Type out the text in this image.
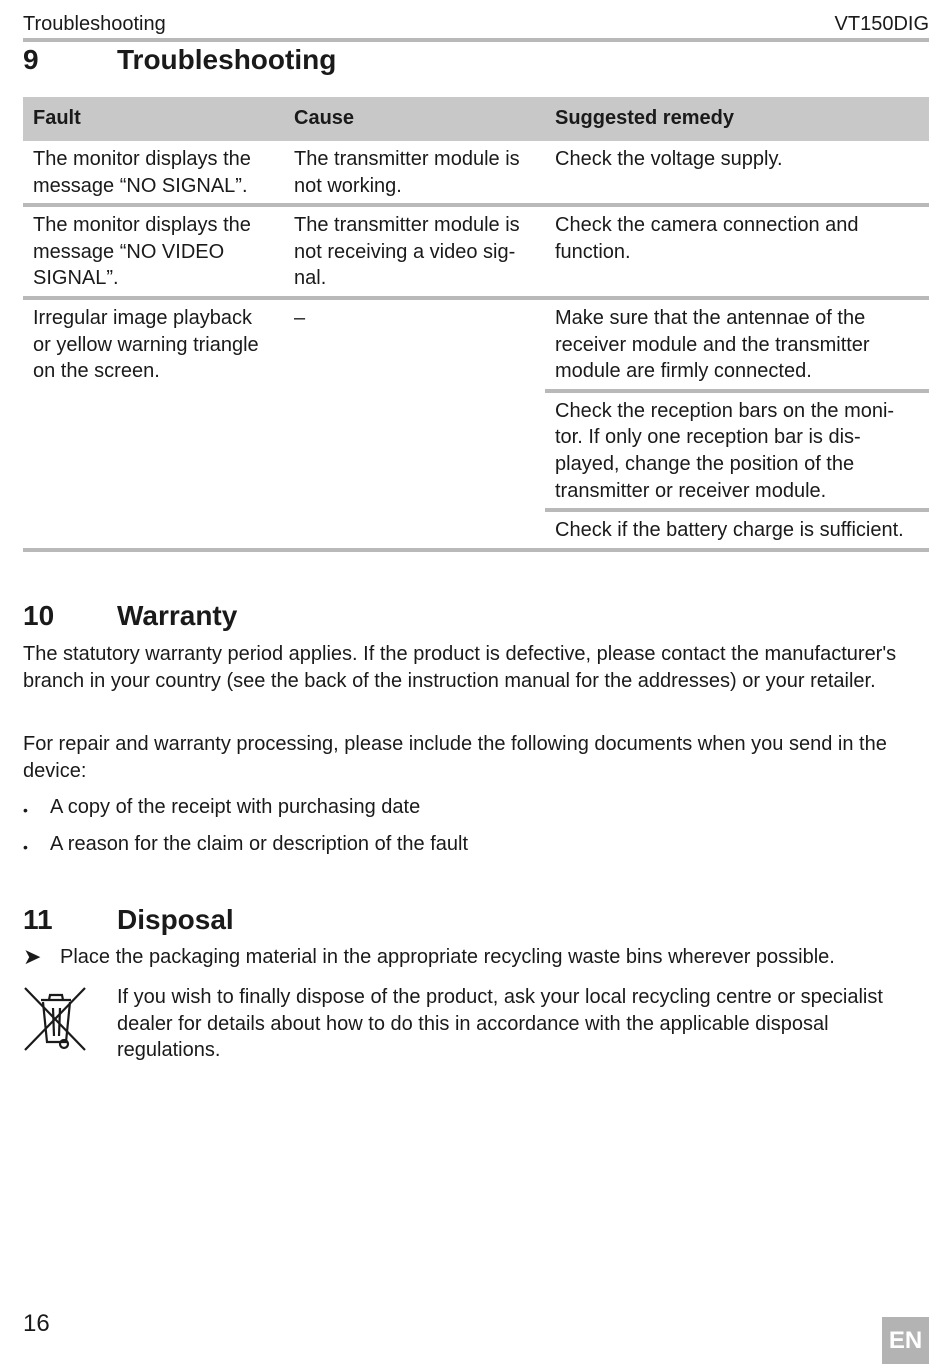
Troubleshooting	VT150DIG
9	Troubleshooting
Fault	Cause	Suggested remedy
The monitor displays the message “NO SIGNAL”.	The transmitter module is not working.	Check the voltage supply.
The monitor displays the message “NO VIDEO SIGNAL”.	The transmitter module is not receiving a video sig-nal.	Check the camera connection and function.
Irregular image playback or yellow warning triangle on the screen.	–	Make sure that the antennae of the receiver module and the transmitter module are firmly connected.
		Check the reception bars on the moni-tor. If only one reception bar is dis-played, change the position of the transmitter or receiver module.
		Check if the battery charge is sufficient.
10	Warranty

The statutory warranty period applies. If the product is defective, please contact the manufacturer's branch in your country (see the back of the instruction manual for the addresses) or your retailer.

For repair and warranty processing, please include the following documents when you send in the device:

•	A copy of the receipt with purchasing date
•	A reason for the claim or description of the fault
11	Disposal
➤ Place the packaging material in the appropriate recycling waste bins wherever possible.

If you wish to finally dispose of the product, ask your local recycling centre or specialist dealer for details about how to do this in accordance with the applicable disposal regulations.

16
EN
